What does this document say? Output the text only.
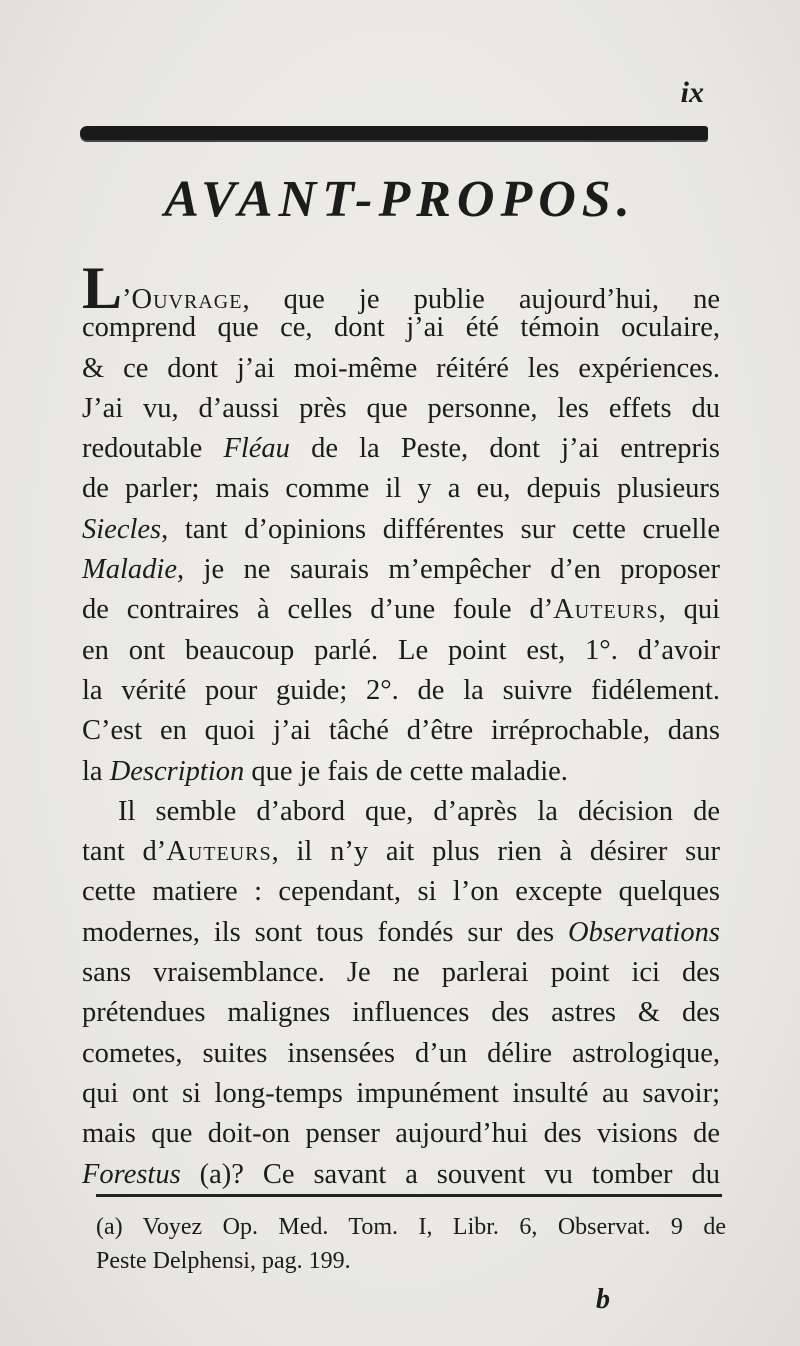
ix
AVANT-PROPOS.
L’Ouvrage, que je publie aujourd’hui, ne
comprend que ce, dont j’ai été témoin oculaire,
& ce dont j’ai moi-même réitéré les expériences.
J’ai vu, d’aussi près que personne, les effets du
redoutable Fléau de la Peste, dont j’ai entrepris
de parler; mais comme il y a eu, depuis plusieurs
Siecles, tant d’opinions différentes sur cette cruelle
Maladie, je ne saurais m’empêcher d’en proposer
de contraires à celles d’une foule d’Auteurs, qui
en ont beaucoup parlé. Le point est, 1°. d’avoir
la vérité pour guide; 2°. de la suivre fidélement.
C’est en quoi j’ai tâché d’être irréprochable, dans
la Description que je fais de cette maladie.
Il semble d’abord que, d’après la décision de
tant d’Auteurs, il n’y ait plus rien à désirer sur
cette matiere : cependant, si l’on excepte quelques
modernes, ils sont tous fondés sur des Observations
sans vraisemblance. Je ne parlerai point ici des
prétendues malignes influences des astres & des
cometes, suites insensées d’un délire astrologique,
qui ont si long-temps impunément insulté au savoir;
mais que doit-on penser aujourd’hui des visions de
Forestus (a)? Ce savant a souvent vu tomber du
(a) Voyez Op. Med. Tom. I, Libr. 6, Observat. 9 de
Peste Delphensi, pag. 199.
b
